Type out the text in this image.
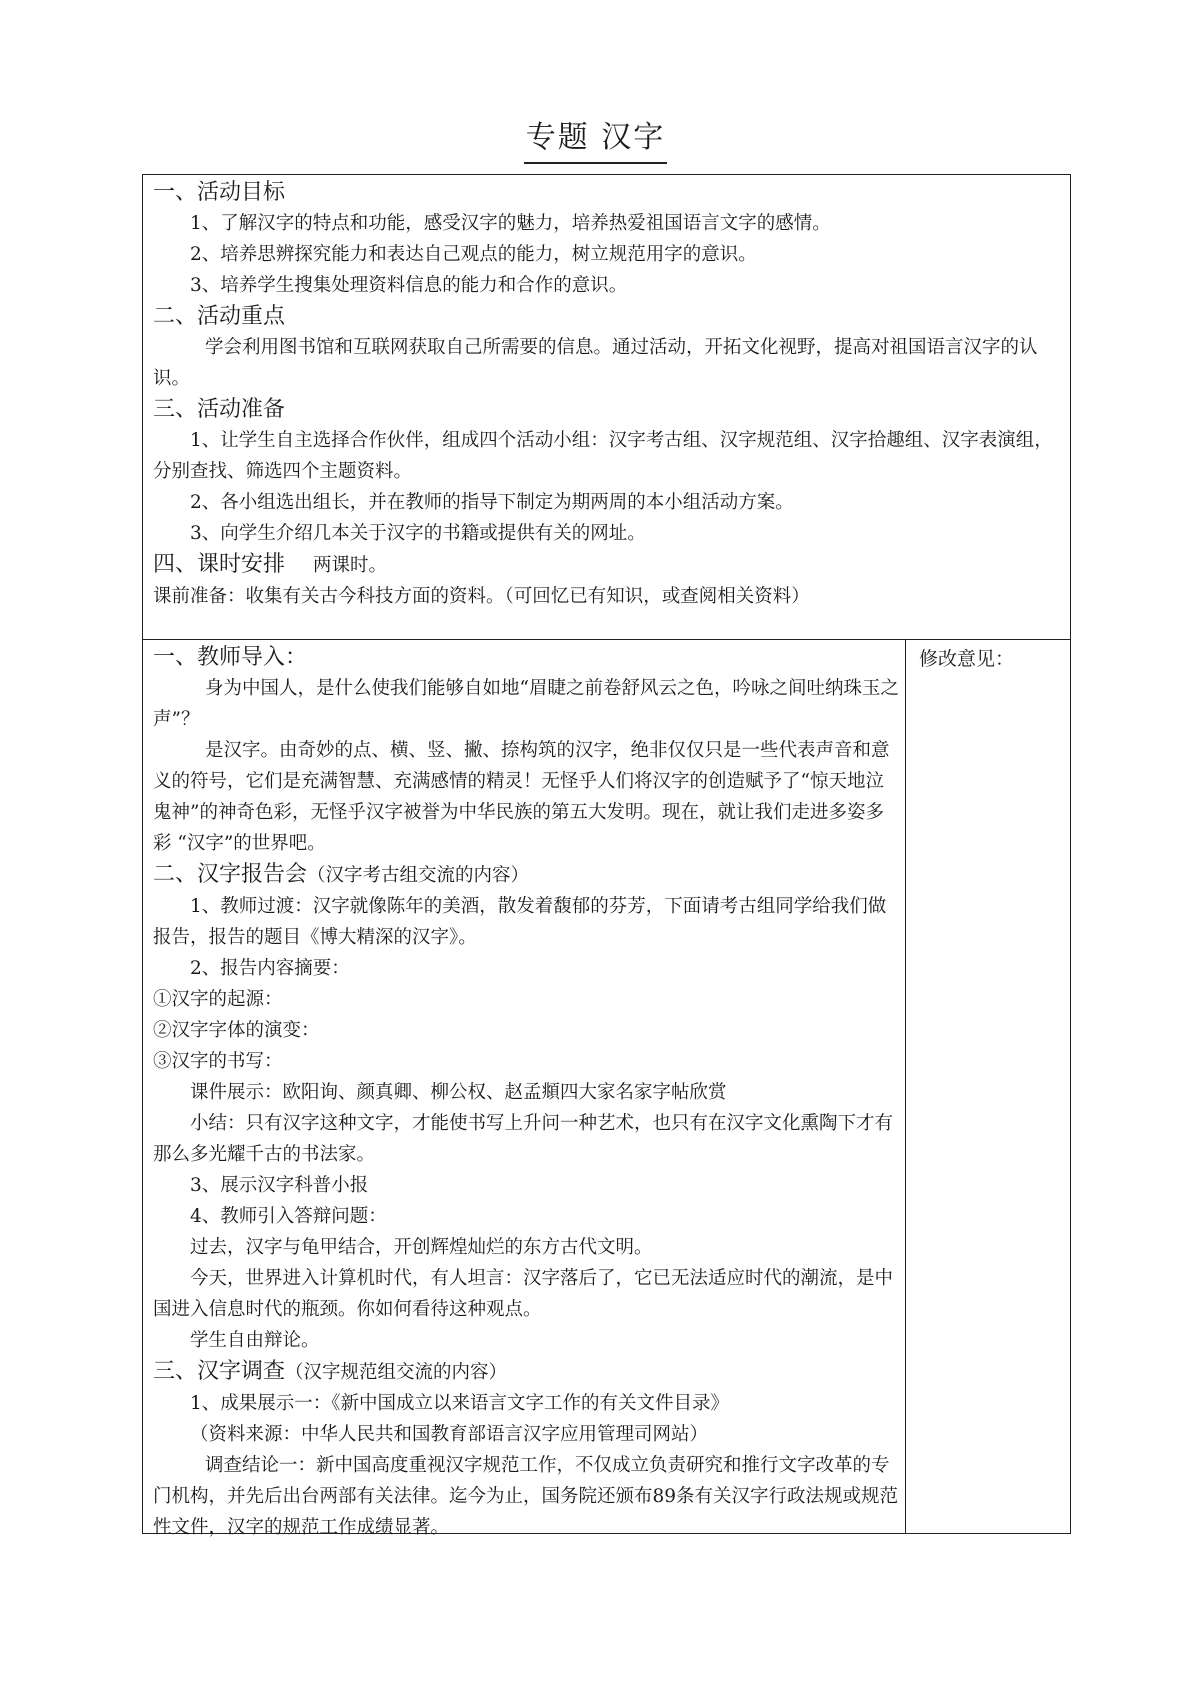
专题 汉字

一、活动目标

1、了解汉字的特点和功能，感受汉字的魅力，培养热爱祖国语言文字的感情。

2、培养思辨探究能力和表达自己观点的能力，树立规范用字的意识。

3、培养学生搜集处理资料信息的能力和合作的意识。

二、活动重点

学会利用图书馆和互联网获取自己所需要的信息。通过活动，开拓文化视野，提高对祖国语言汉字的认识。

三、活动准备

1、让学生自主选择合作伙伴，组成四个活动小组：汉字考古组、汉字规范组、汉字拾趣组、汉字表演组，分别查找、筛选四个主题资料。

2、各小组选出组长，并在教师的指导下制定为期两周的本小组活动方案。

3、向学生介绍几本关于汉字的书籍或提供有关的网址。

四、课时安排 两课时。

课前准备：收集有关古今科技方面的资料。（可回忆已有知识，或查阅相关资料）

一、教师导入：

身为中国人，是什么使我们能够自如地“眉睫之前卷舒风云之色，吟咏之间吐纳珠玉之声”？

是汉字。由奇妙的点、横、竖、撇、捺构筑的汉字，绝非仅仅只是一些代表声音和意义的符号，它们是充满智慧、充满感情的精灵！无怪乎人们将汉字的创造赋予了“惊天地泣鬼神”的神奇色彩，无怪乎汉字被誉为中华民族的第五大发明。现在，就让我们走进多姿多彩 “汉字”的世界吧。

二、汉字报告会（汉字考古组交流的内容）

1、教师过渡：汉字就像陈年的美酒，散发着馥郁的芬芳，下面请考古组同学给我们做报告，报告的题目《博大精深的汉字》。

2、报告内容摘要：

①汉字的起源：

②汉字字体的演变：

③汉字的书写：

课件展示：欧阳询、颜真卿、柳公权、赵孟頫四大家名家字帖欣赏

小结：只有汉字这种文字，才能使书写上升问一种艺术，也只有在汉字文化熏陶下才有那么多光耀千古的书法家。

3、展示汉字科普小报

4、教师引入答辩问题：

过去，汉字与龟甲结合，开创辉煌灿烂的东方古代文明。

今天，世界进入计算机时代，有人坦言：汉字落后了，它已无法适应时代的潮流，是中国进入信息时代的瓶颈。你如何看待这种观点。

学生自由辩论。

三、汉字调查（汉字规范组交流的内容）

1、成果展示一：《新中国成立以来语言文字工作的有关文件目录》

（资料来源：中华人民共和国教育部语言汉字应用管理司网站）

调查结论一：新中国高度重视汉字规范工作，不仅成立负责研究和推行文字改革的专门机构，并先后出台两部有关法律。迄今为止，国务院还颁布89条有关汉字行政法规或规范性文件，汉字的规范工作成绩显著。

修改意见：
